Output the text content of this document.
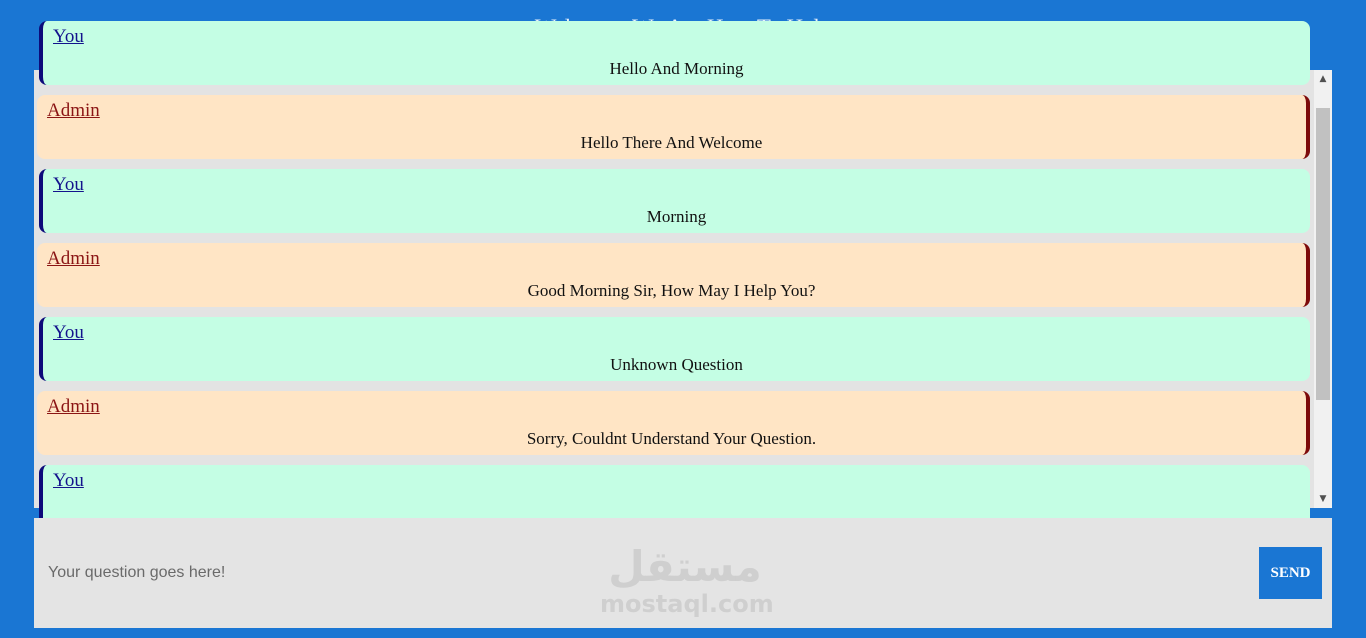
You
Hello And Morning
Admin
Hello There And Welcome
You
Morning
Admin
Good Morning Sir, How May I Help You?
You
Unknown Question
Admin
Sorry, Couldnt Understand Your Question.
You
▲
▼
Your question goes here!
مستقل
mostaql.com
SEND
